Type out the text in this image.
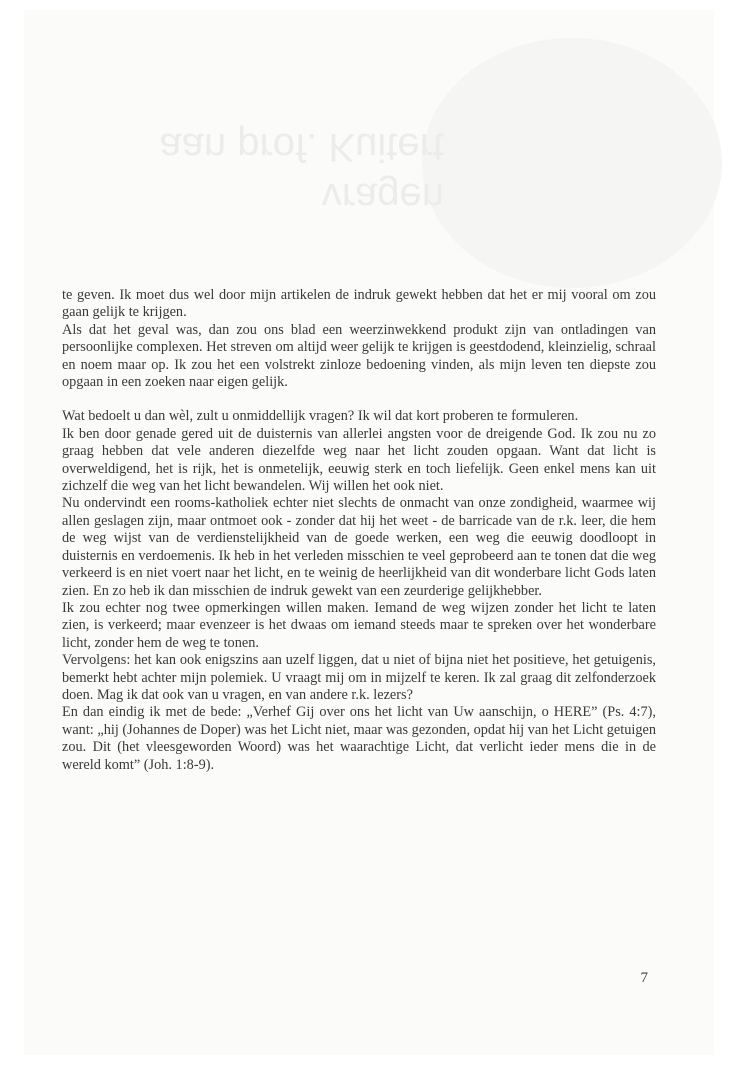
vragen
aan prof. Kuitert

te geven. Ik moet dus wel door mijn artikelen de indruk gewekt hebben dat het er mij vooral om zou gaan gelijk te krijgen.

Als dat het geval was, dan zou ons blad een weerzinwekkend produkt zijn van ontladingen van persoonlijke complexen. Het streven om altijd weer gelijk te krijgen is geestdodend, kleinzielig, schraal en noem maar op. Ik zou het een volstrekt zinloze bedoening vinden, als mijn leven ten diepste zou opgaan in een zoeken naar eigen gelijk.

Wat bedoelt u dan wèl, zult u onmiddellijk vragen? Ik wil dat kort proberen te formuleren.

Ik ben door genade gered uit de duisternis van allerlei angsten voor de dreigende God. Ik zou nu zo graag hebben dat vele anderen diezelfde weg naar het licht zouden opgaan. Want dat licht is overweldigend, het is rijk, het is onmetelijk, eeuwig sterk en toch liefelijk. Geen enkel mens kan uit zichzelf die weg van het licht bewandelen. Wij willen het ook niet.

Nu ondervindt een rooms-katholiek echter niet slechts de onmacht van onze zondigheid, waarmee wij allen geslagen zijn, maar ontmoet ook - zonder dat hij het weet - de barricade van de r.k. leer, die hem de weg wijst van de verdienstelijkheid van de goede werken, een weg die eeuwig doodloopt in duisternis en verdoemenis. Ik heb in het verleden misschien te veel geprobeerd aan te tonen dat die weg verkeerd is en niet voert naar het licht, en te weinig de heerlijkheid van dit wonderbare licht Gods laten zien. En zo heb ik dan misschien de indruk gewekt van een zeurderige gelijkhebber.

Ik zou echter nog twee opmerkingen willen maken. Iemand de weg wijzen zonder het licht te laten zien, is verkeerd; maar evenzeer is het dwaas om iemand steeds maar te spreken over het wonderbare licht, zonder hem de weg te tonen.

Vervolgens: het kan ook enigszins aan uzelf liggen, dat u niet of bijna niet het positieve, het getuigenis, bemerkt hebt achter mijn polemiek. U vraagt mij om in mijzelf te keren. Ik zal graag dit zelfonderzoek doen. Mag ik dat ook van u vragen, en van andere r.k. lezers?

En dan eindig ik met de bede: „Verhef Gij over ons het licht van Uw aanschijn, o HERE” (Ps. 4:7), want: „hij (Johannes de Doper) was het Licht niet, maar was gezonden, opdat hij van het Licht getuigen zou. Dit (het vleesgeworden Woord) was het waarachtige Licht, dat verlicht ieder mens die in de wereld komt” (Joh. 1:8-9).

7
